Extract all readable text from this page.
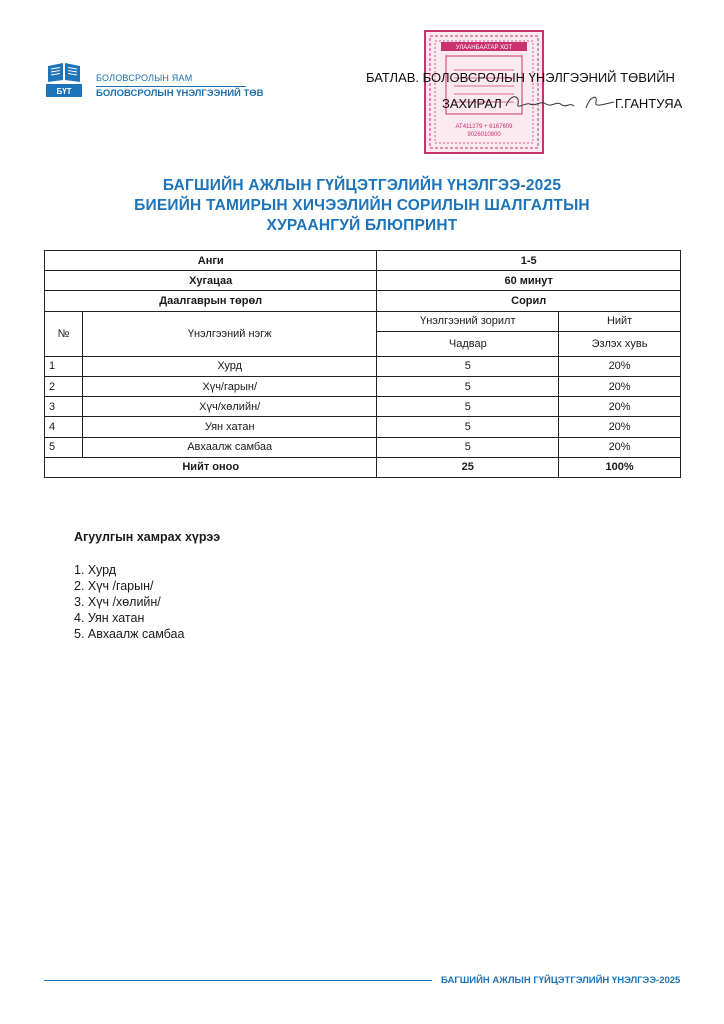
БҮТ
БОЛОВСРОЛЫН ЯАМ
БОЛОВСРОЛЫН ҮНЭЛГЭЭНИЙ ТӨВ
УЛААНБААТАР ХОТ
АТ411279 + 6167609
9026010800
БАТЛАВ. БОЛОВСРОЛЫН ҮНЭЛГЭЭНИЙ ТӨВИЙН
ЗАХИРАЛ	Г.ГАНТУЯА
БАГШИЙН АЖЛЫН ГҮЙЦЭТГЭЛИЙН ҮНЭЛГЭЭ-2025
БИЕИЙН ТАМИРЫН ХИЧЭЭЛИЙН СОРИЛЫН ШАЛГАЛТЫН
ХУРААНГУЙ БЛЮПРИНТ
Анги		1-5	
Хугацаа		60 минут	
Даалгаврын төрөл		Сорил	
№	Үнэлгээний нэгж	Үнэлгээний зорилт	Нийт
		Чадвар	Эзлэх хувь
1	Хурд	5	20%
2	Хүч/гарын/	5	20%
3	Хүч/хөлийн/	5	20%
4	Уян хатан	5	20%
5	Авхаалж самбаа	5	20%
Нийт оноо		25	100%
Агуулгын хамрах хүрээ
1. Хурд
2. Хүч /гарын/
3. Хүч /хөлийн/
4. Уян хатан
5. Авхаалж самбаа
БАГШИЙН АЖЛЫН ГҮЙЦЭТГЭЛИЙН ҮНЭЛГЭЭ-2025
